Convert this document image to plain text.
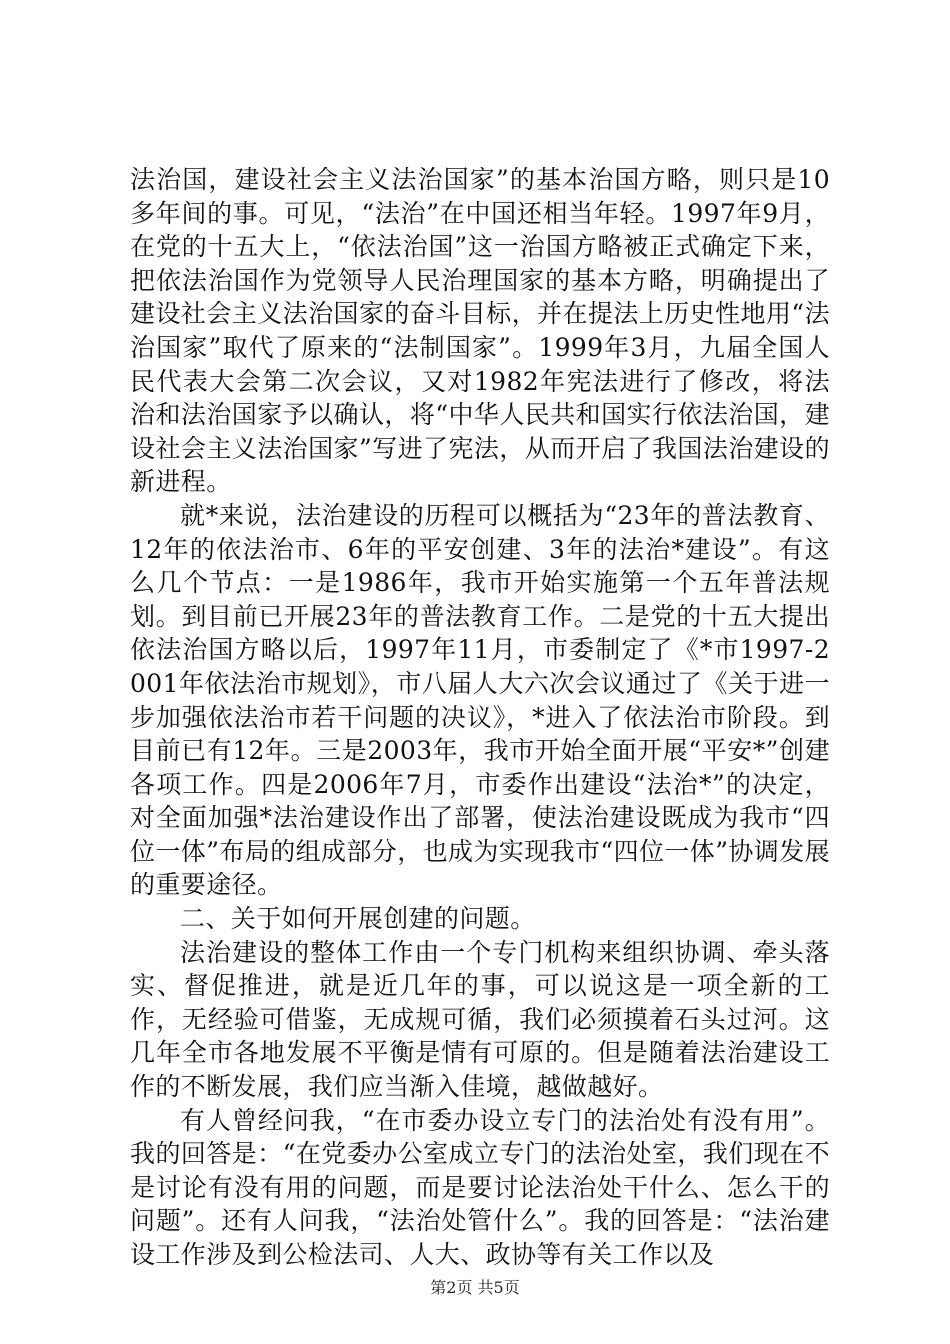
法治国，建设社会主义法治国家”的基本治国方略，则只是10多年间的事。可见，“法治”在中国还相当年轻。1997年9月，在党的十五大上，“依法治国”这一治国方略被正式确定下来，把依法治国作为党领导人民治理国家的基本方略，明确提出了建设社会主义法治国家的奋斗目标，并在提法上历史性地用“法治国家”取代了原来的“法制国家”。1999年3月，九届全国人民代表大会第二次会议，又对1982年宪法进行了修改，将法治和法治国家予以确认，将“中华人民共和国实行依法治国，建设社会主义法治国家”写进了宪法，从而开启了我国法治建设的新进程。

就*来说，法治建设的历程可以概括为“23年的普法教育、12年的依法治市、6年的平安创建、3年的法治*建设”。有这么几个节点：一是1986年，我市开始实施第一个五年普法规划。到目前已开展23年的普法教育工作。二是党的十五大提出依法治国方略以后，1997年11月，市委制定了《*市1997-2001年依法治市规划》，市八届人大六次会议通过了《关于进一步加强依法治市若干问题的决议》，*进入了依法治市阶段。到目前已有12年。三是2003年，我市开始全面开展“平安*”创建各项工作。四是2006年7月，市委作出建设“法治*”的决定，对全面加强*法治建设作出了部署，使法治建设既成为我市“四位一体”布局的组成部分，也成为实现我市“四位一体”协调发展的重要途径。

二、关于如何开展创建的问题。

法治建设的整体工作由一个专门机构来组织协调、牵头落实、督促推进，就是近几年的事，可以说这是一项全新的工作，无经验可借鉴，无成规可循，我们必须摸着石头过河。这几年全市各地发展不平衡是情有可原的。但是随着法治建设工作的不断发展，我们应当渐入佳境，越做越好。

有人曾经问我，“在市委办设立专门的法治处有没有用”。我的回答是：“在党委办公室成立专门的法治处室，我们现在不是讨论有没有用的问题，而是要讨论法治处干什么、怎么干的问题”。还有人问我，“法治处管什么”。我的回答是：“法治建设工作涉及到公检法司、人大、政协等有关工作以及

第2页 共5页
